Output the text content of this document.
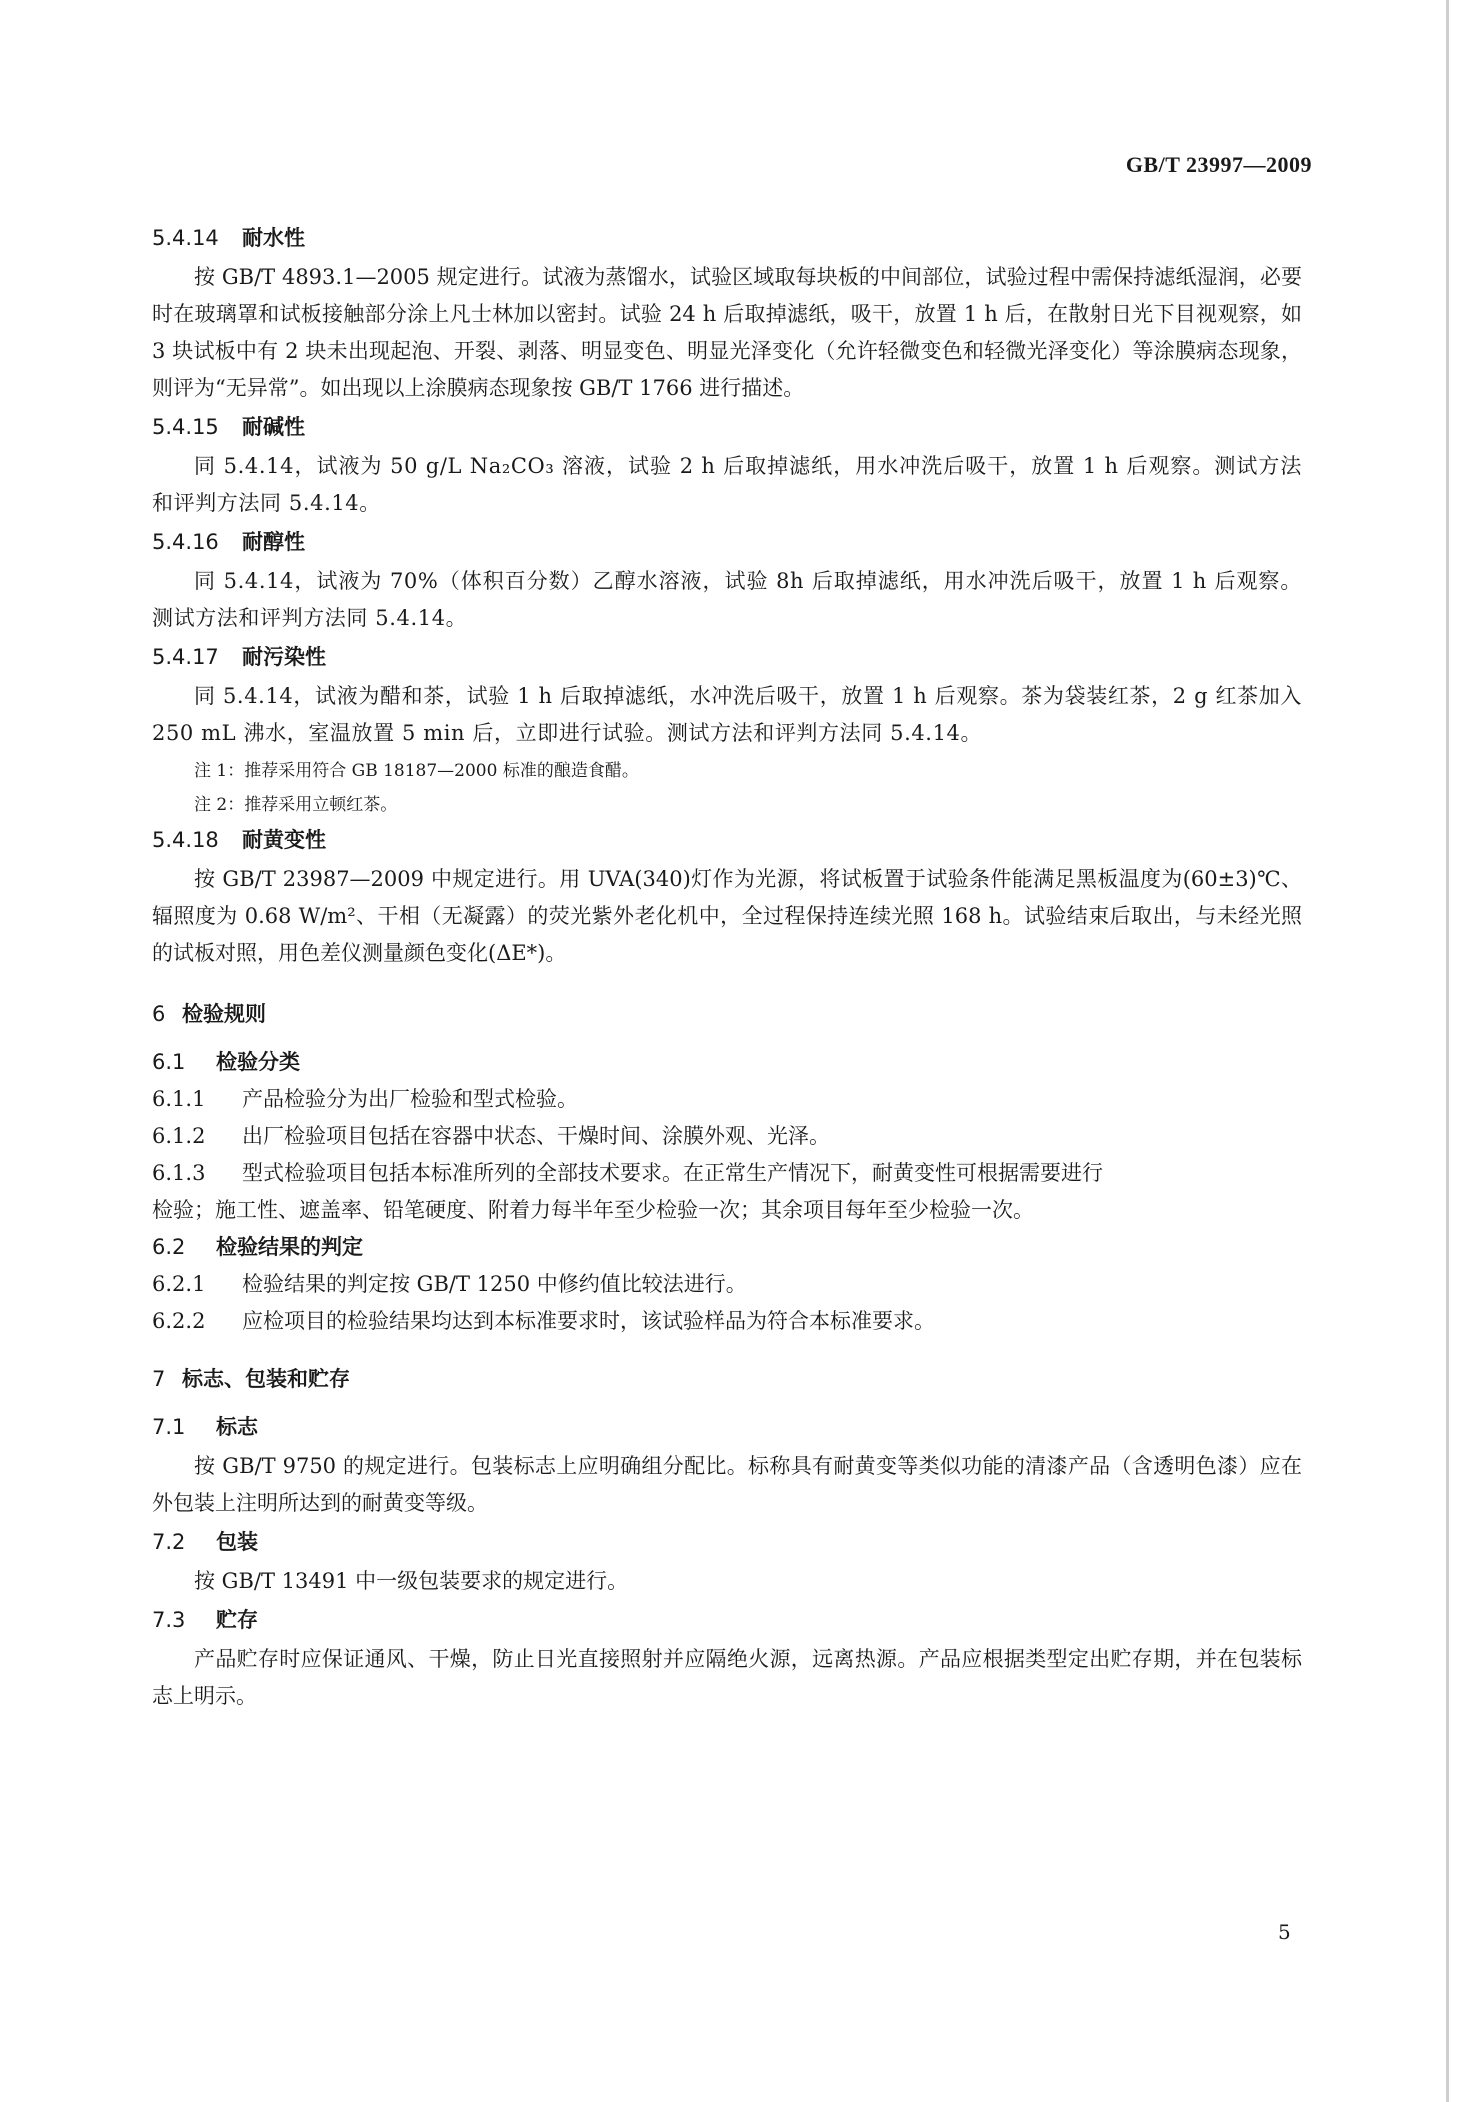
GB/T 23997—2009
5.4.14 耐水性

按 GB/T 4893.1—2005 规定进行。试液为蒸馏水，试验区域取每块板的中间部位，试验过程中需保持滤纸湿润，必要时在玻璃罩和试板接触部分涂上凡士林加以密封。试验 24 h 后取掉滤纸，吸干，放置 1 h 后，在散射日光下目视观察，如 3 块试板中有 2 块未出现起泡、开裂、剥落、明显变色、明显光泽变化（允许轻微变色和轻微光泽变化）等涂膜病态现象，则评为“无异常”。如出现以上涂膜病态现象按 GB/T 1766 进行描述。

5.4.15 耐碱性

同 5.4.14，试液为 50 g/L Na₂CO₃ 溶液，试验 2 h 后取掉滤纸，用水冲洗后吸干，放置 1 h 后观察。测试方法和评判方法同 5.4.14。

5.4.16 耐醇性

同 5.4.14，试液为 70%（体积百分数）乙醇水溶液，试验 8h 后取掉滤纸，用水冲洗后吸干，放置 1 h 后观察。测试方法和评判方法同 5.4.14。

5.4.17 耐污染性

同 5.4.14，试液为醋和茶，试验 1 h 后取掉滤纸，水冲洗后吸干，放置 1 h 后观察。茶为袋装红茶，2 g 红茶加入 250 mL 沸水，室温放置 5 min 后，立即进行试验。测试方法和评判方法同 5.4.14。

注 1：推荐采用符合 GB 18187—2000 标准的酿造食醋。
注 2：推荐采用立顿红茶。
5.4.18 耐黄变性

按 GB/T 23987—2009 中规定进行。用 UVA(340)灯作为光源，将试板置于试验条件能满足黑板温度为(60±3)℃、辐照度为 0.68 W/m²、干相（无凝露）的荧光紫外老化机中，全过程保持连续光照 168 h。试验结束后取出，与未经光照的试板对照，用色差仪测量颜色变化(ΔE*)。

6 检验规则
6.1 检验分类
6.1.1 产品检验分为出厂检验和型式检验。
6.1.2 出厂检验项目包括在容器中状态、干燥时间、涂膜外观、光泽。
6.1.3 型式检验项目包括本标准所列的全部技术要求。在正常生产情况下，耐黄变性可根据需要进行
检验；施工性、遮盖率、铅笔硬度、附着力每半年至少检验一次；其余项目每年至少检验一次。
6.2 检验结果的判定
6.2.1 检验结果的判定按 GB/T 1250 中修约值比较法进行。
6.2.2 应检项目的检验结果均达到本标准要求时，该试验样品为符合本标准要求。
7 标志、包装和贮存
7.1 标志

按 GB/T 9750 的规定进行。包装标志上应明确组分配比。标称具有耐黄变等类似功能的清漆产品（含透明色漆）应在外包装上注明所达到的耐黄变等级。

7.2 包装

按 GB/T 13491 中一级包装要求的规定进行。

7.3 贮存

产品贮存时应保证通风、干燥，防止日光直接照射并应隔绝火源，远离热源。产品应根据类型定出贮存期，并在包装标志上明示。

5
